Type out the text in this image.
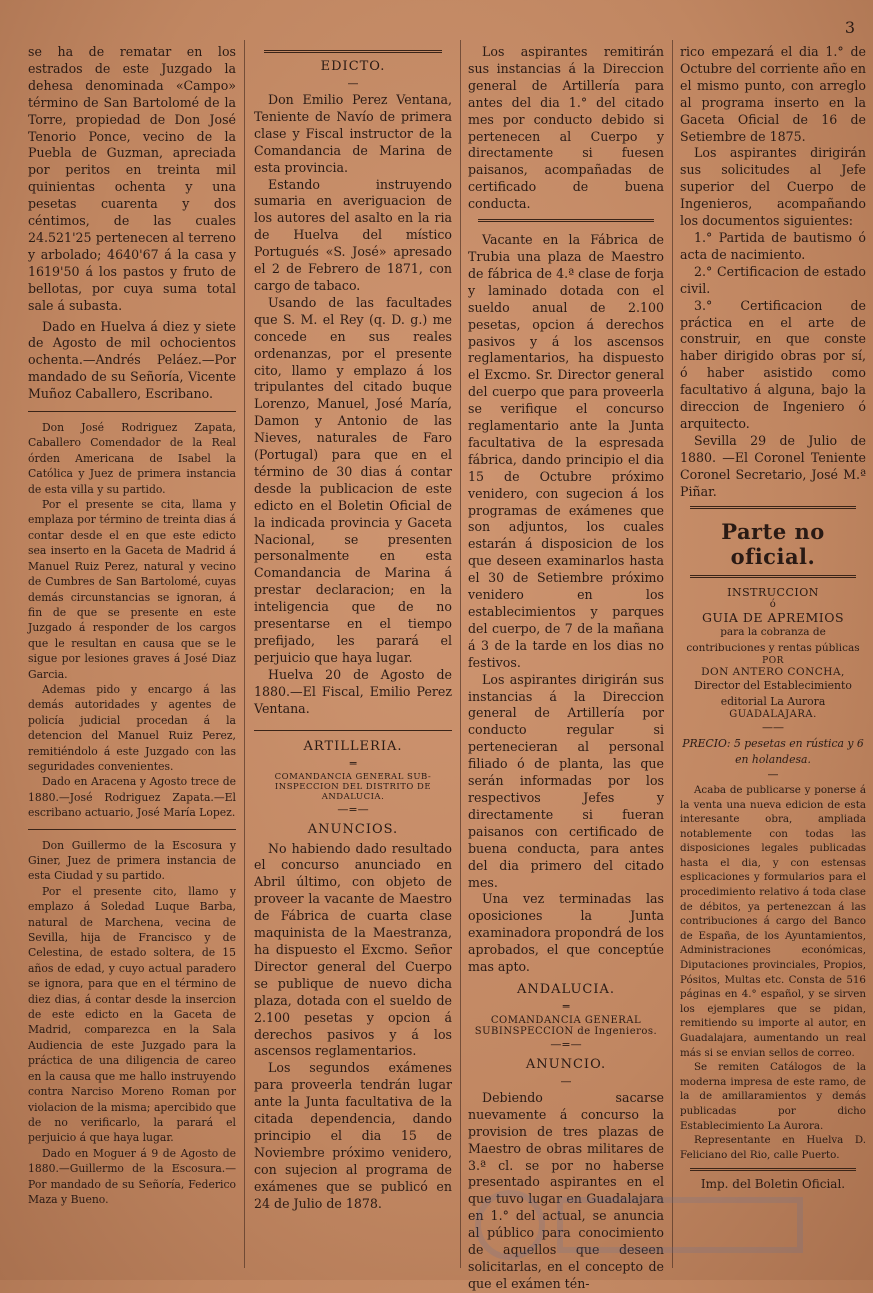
3

se ha de rematar en los estrados de este Juzgado la dehesa denominada «Campo» término de San Bartolomé de la Torre, propiedad de Don José Tenorio Ponce, vecino de la Puebla de Guzman, apreciada por peritos en treinta mil quinientas ochenta y una pesetas cuarenta y dos céntimos, de las cuales 24.521'25 pertenecen al terreno y arbolado; 4640'67 á la casa y 1619'50 á los pastos y fruto de bellotas, por cuya suma total sale á subasta.

Dado en Huelva á diez y siete de Agosto de mil ochocientos ochenta.—Andrés Peláez.—Por mandado de su Señoría, Vicente Muñoz Caballero, Escribano.

Don José Rodriguez Zapata, Caballero Comendador de la Real órden Americana de Isabel la Católica y Juez de primera instancia de esta villa y su partido.

Por el presente se cita, llama y emplaza por término de treinta dias á contar desde el en que este edicto sea inserto en la Gaceta de Madrid á Manuel Ruiz Perez, natural y vecino de Cumbres de San Bartolomé, cuyas demás circunstancias se ignoran, á fin de que se presente en este Juzgado á responder de los cargos que le resultan en causa que se le sigue por lesiones graves á José Diaz Garcia.

Ademas pido y encargo á las demás autoridades y agentes de policía judicial procedan á la detencion del Manuel Ruiz Perez, remitiéndolo á este Juzgado con las seguridades convenientes.

Dado en Aracena y Agosto trece de 1880.—José Rodriguez Zapata.—El escribano actuario, José María Lopez.

Don Guillermo de la Escosura y Giner, Juez de primera instancia de esta Ciudad y su partido.

Por el presente cito, llamo y emplazo á Soledad Luque Barba, natural de Marchena, vecina de Sevilla, hija de Francisco y de Celestina, de estado soltera, de 15 años de edad, y cuyo actual paradero se ignora, para que en el término de diez dias, á contar desde la insercion de este edicto en la Gaceta de Madrid, comparezca en la Sala Audiencia de este Juzgado para la práctica de una diligencia de careo en la causa que me hallo instruyendo contra Narciso Moreno Roman por violacion de la misma; apercibido que de no verificarlo, la parará el perjuicio á que haya lugar.

Dado en Moguer á 9 de Agosto de 1880.—Guillermo de la Escosura.—Por mandado de su Señoría, Federico Maza y Bueno.

EDICTO.
—

Don Emilio Perez Ventana, Teniente de Navío de primera clase y Fiscal instructor de la Comandancia de Marina de esta provincia.

Estando instruyendo sumaria en averiguacion de los autores del asalto en la ria de Huelva del místico Portugués «S. José» apresado el 2 de Febrero de 1871, con cargo de tabaco.

Usando de las facultades que S. M. el Rey (q. D. g.) me concede en sus reales ordenanzas, por el presente cito, llamo y emplazo á los tripulantes del citado buque Lorenzo, Manuel, José María, Damon y Antonio de las Nieves, naturales de Faro (Portugal) para que en el término de 30 dias á contar desde la publicacion de este edicto en el Boletin Oficial de la indicada provincia y Gaceta Nacional, se presenten personalmente en esta Comandancia de Marina á prestar declaracion; en la inteligencia que de no presentarse en el tiempo prefijado, les parará el perjuicio que haya lugar.

Huelva 20 de Agosto de 1880.—El Fiscal, Emilio Perez Ventana.

ARTILLERIA.
═
COMANDANCIA GENERAL SUB-INSPECCION DEL DISTRITO DE ANDALUCIA.
—=—
ANUNCIOS.

No habiendo dado resultado el concurso anunciado en Abril último, con objeto de proveer la vacante de Maestro de Fábrica de cuarta clase maquinista de la Maestranza, ha dispuesto el Excmo. Señor Director general del Cuerpo se publique de nuevo dicha plaza, dotada con el sueldo de 2.100 pesetas y opcion á derechos pasivos y á los ascensos reglamentarios.

Los segundos exámenes para proveerla tendrán lugar ante la Junta facultativa de la citada dependencia, dando principio el dia 15 de Noviembre próximo venidero, con sujecion al programa de exámenes que se publicó en 24 de Julio de 1878.

Los aspirantes remitirán sus instancias á la Direccion general de Artillería para antes del dia 1.° del citado mes por conducto debido si pertenecen al Cuerpo y directamente si fuesen paisanos, acompañadas de certificado de buena conducta.

Vacante en la Fábrica de Trubia una plaza de Maestro de fábrica de 4.ª clase de forja y laminado dotada con el sueldo anual de 2.100 pesetas, opcion á derechos pasivos y á los ascensos reglamentarios, ha dispuesto el Excmo. Sr. Director general del cuerpo que para proveerla se verifique el concurso reglamentario ante la Junta facultativa de la espresada fábrica, dando principio el dia 15 de Octubre próximo venidero, con sugecion á los programas de exámenes que son adjuntos, los cuales estarán á disposicion de los que deseen examinarlos hasta el 30 de Setiembre próximo venidero en los establecimientos y parques del cuerpo, de 7 de la mañana á 3 de la tarde en los dias no festivos.

Los aspirantes dirigirán sus instancias á la Direccion general de Artillería por conducto regular si pertenecieran al personal filiado ó de planta, las que serán informadas por los respectivos Jefes y directamente si fueran paisanos con certificado de buena conducta, para antes del dia primero del citado mes.

Una vez terminadas las oposiciones la Junta examinadora propondrá de los aprobados, el que conceptúe mas apto.

ANDALUCIA.
═
COMANDANCIA GENERAL SUBINSPECCION de Ingenieros.
—=—
ANUNCIO.
—

Debiendo sacarse nuevamente á concurso la provision de tres plazas de Maestro de obras militares de 3.ª cl. se por no haberse presentado aspirantes en el que tuvo lugar en Guadalajara en 1.° del actual, se anuncia al público para conocimiento de aquellos que deseen solicitarlas, en el concepto de que el exámen tén-

rico empezará el dia 1.° de Octubre del corriente año en el mismo punto, con arreglo al programa inserto en la Gaceta Oficial de 16 de Setiembre de 1875.

Los aspirantes dirigirán sus solicitudes al Jefe superior del Cuerpo de Ingenieros, acompañando los documentos siguientes:

1.° Partida de bautismo ó acta de nacimiento.

2.° Certificacion de estado civil.

3.° Certificacion de práctica en el arte de construir, en que conste haber dirigido obras por sí, ó haber asistido como facultativo á alguna, bajo la direccion de Ingeniero ó arquitecto.

Sevilla 29 de Julio de 1880. —El Coronel Teniente Coronel Secretario, José M.ª Piñar.

Parte no oficial.
INSTRUCCION
ó
GUIA DE APREMIOS
para la cobranza de contribuciones y rentas públicas
POR
DON ANTERO CONCHA,
Director del Establecimiento editorial La Aurora
GUADALAJARA.
——
PRECIO: 5 pesetas en rústica y 6 en holandesa.
—

Acaba de publicarse y ponerse á la venta una nueva edicion de esta interesante obra, ampliada notablemente con todas las disposiciones legales publicadas hasta el dia, y con estensas esplicaciones y formularios para el procedimiento relativo á toda clase de débitos, ya pertenezcan á las contribuciones á cargo del Banco de España, de los Ayuntamientos, Administraciones económicas, Diputaciones provinciales, Propios, Pósitos, Multas etc. Consta de 516 páginas en 4.° español, y se sirven los ejemplares que se pidan, remitiendo su importe al autor, en Guadalajara, aumentando un real más si se envian sellos de correo.

Se remiten Catálogos de la moderna impresa de este ramo, de la de amillaramientos y demás publicadas por dicho Establecimiento La Aurora.

Representante en Huelva D. Feliciano del Rio, calle Puerto.

Imp. del Boletin Oficial.
